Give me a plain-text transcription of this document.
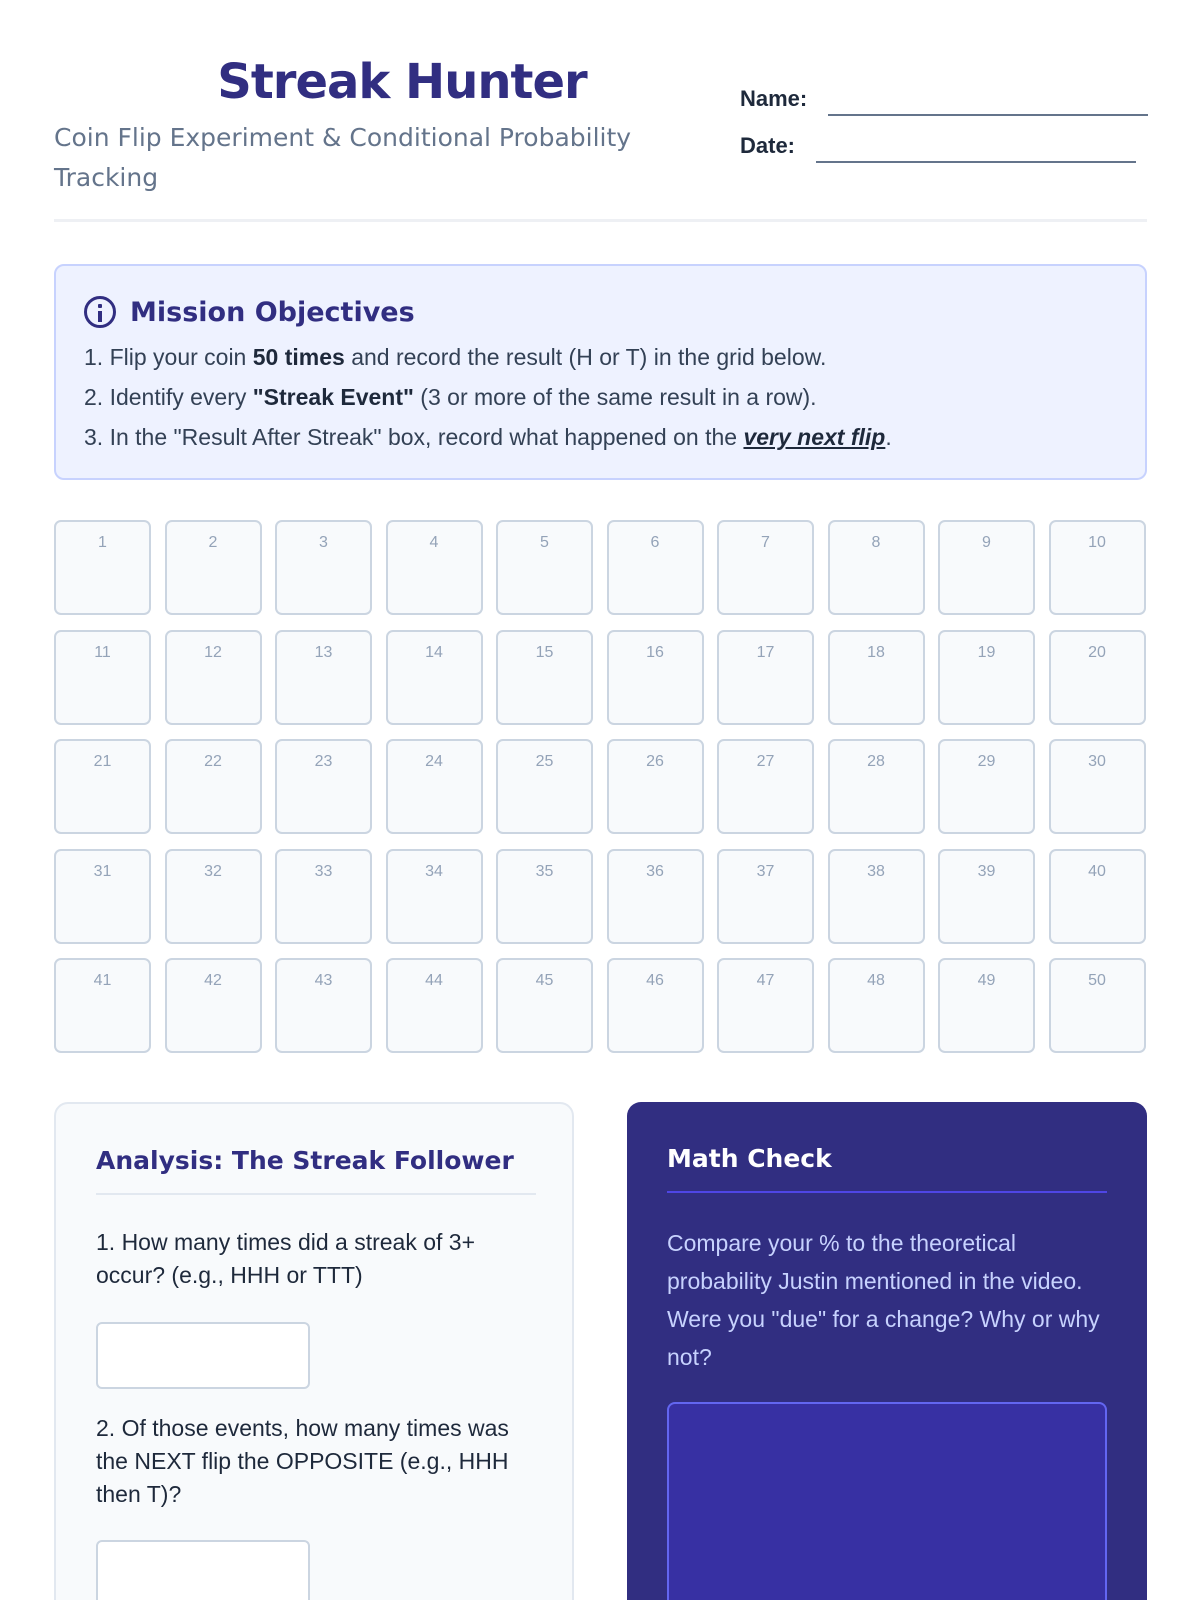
Streak Hunter
Coin Flip Experiment & Conditional Probability Tracking
Name:
Date:
Mission Objectives
1. Flip your coin 50 times and record the result (H or T) in the grid below.
2. Identify every "Streak Event" (3 or more of the same result in a row).
3. In the "Result After Streak" box, record what happened on the very next flip.
1	2	3	4	5	6	7	8	9	10
11	12	13	14	15	16	17	18	19	20
21	22	23	24	25	26	27	28	29	30
31	32	33	34	35	36	37	38	39	40
41	42	43	44	45	46	47	48	49	50
Analysis: The Streak Follower
1. How many times did a streak of 3+ occur? (e.g., HHH or TTT)
2. Of those events, how many times was the NEXT flip the OPPOSITE (e.g., HHH then T)?
Math Check
Compare your % to the theoretical probability Justin mentioned in the video. Were you "due" for a change? Why or why not?
